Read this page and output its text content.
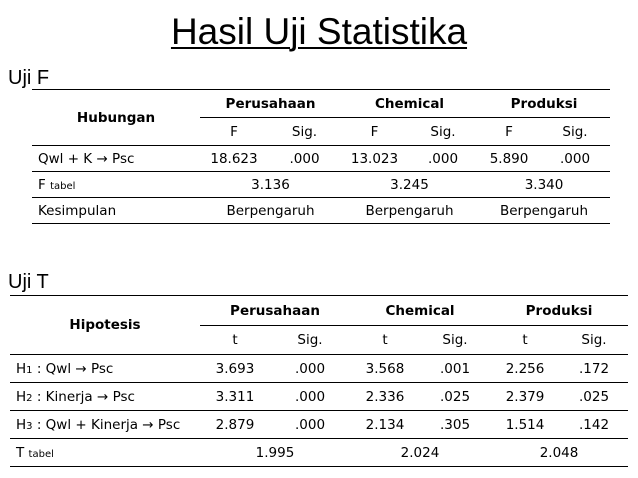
Hasil Uji Statistika
Uji F
Hubungan	Perusahaan		Chemical		Produksi	
	F	Sig.	F	Sig.	F	Sig.
Qwl + K → Psc	18.623	.000	13.023	.000	5.890	.000
F tabel	3.136		3.245		3.340	
Kesimpulan	Berpengaruh		Berpengaruh		Berpengaruh	
Uji T
Hipotesis	Perusahaan		Chemical		Produksi	
	t	Sig.	t	Sig.	t	Sig.
H1 : Qwl → Psc	3.693	.000	3.568	.001	2.256	.172
H2 : Kinerja → Psc	3.311	.000	2.336	.025	2.379	.025
H3 : Qwl + Kinerja → Psc	2.879	.000	2.134	.305	1.514	.142
T tabel	1.995		2.024		2.048	
